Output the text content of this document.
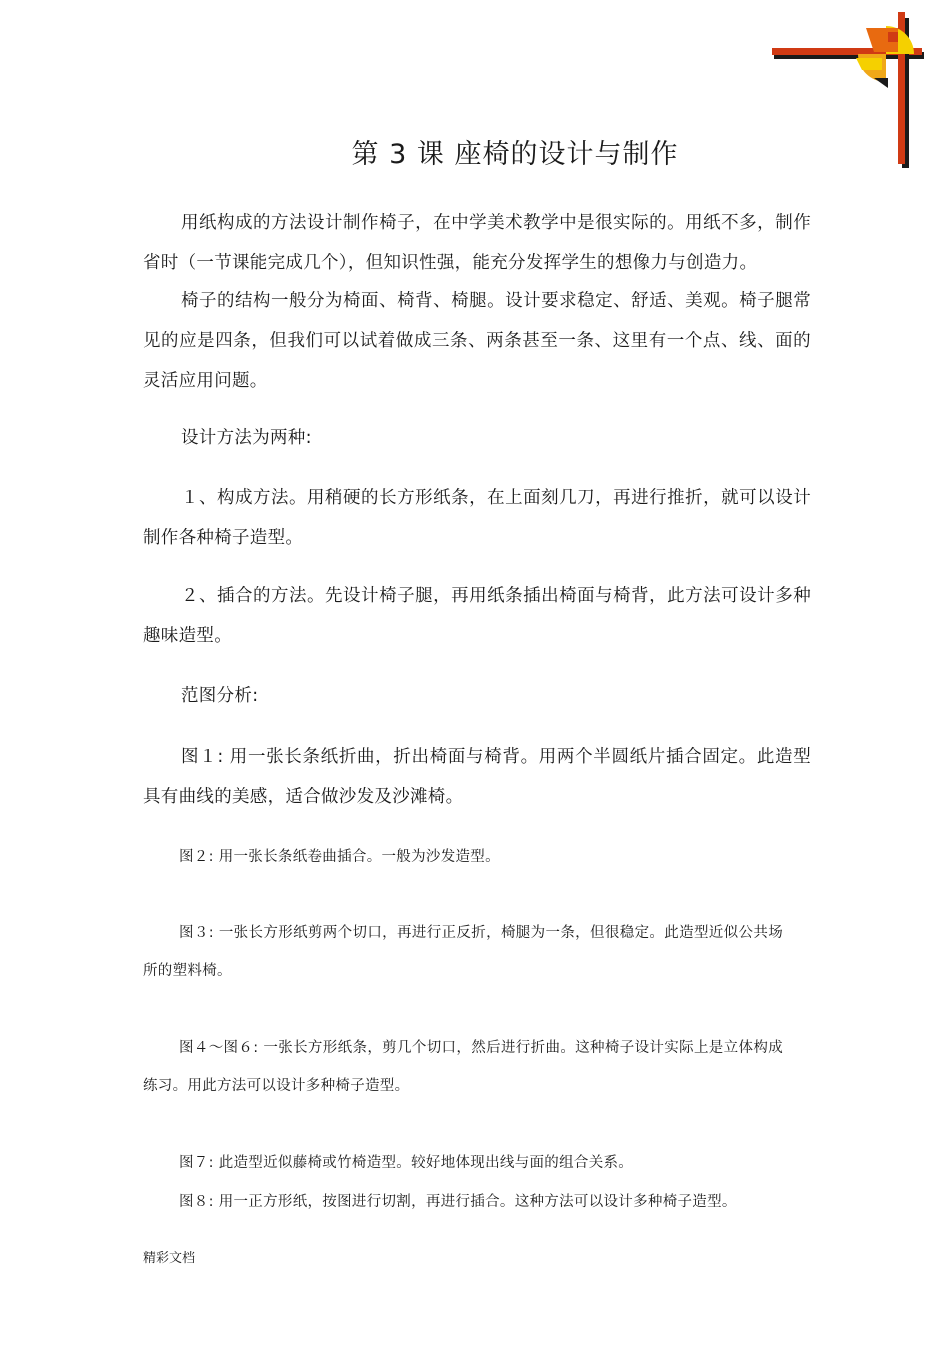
第 3 课 座椅的设计与制作

用纸构成的方法设计制作椅子，在中学美术教学中是很实际的。用纸不多，制作省时（一节课能完成几个），但知识性强，能充分发挥学生的想像力与创造力。

椅子的结构一般分为椅面、椅背、椅腿。设计要求稳定、舒适、美观。椅子腿常见的应是四条，但我们可以试着做成三条、两条甚至一条、这里有一个点、线、面的灵活应用问题。

设计方法为两种:

１、构成方法。用稍硬的长方形纸条，在上面刻几刀，再进行推折，就可以设计制作各种椅子造型。

２、插合的方法。先设计椅子腿，再用纸条插出椅面与椅背，此方法可设计多种趣味造型。

范图分析:

图１: 用一张长条纸折曲，折出椅面与椅背。用两个半圆纸片插合固定。此造型具有曲线的美感，适合做沙发及沙滩椅。

图２: 用一张长条纸卷曲插合。一般为沙发造型。

图３: 一张长方形纸剪两个切口，再进行正反折，椅腿为一条，但很稳定。此造型近似公共场所的塑料椅。

图４～图６: 一张长方形纸条，剪几个切口，然后进行折曲。这种椅子设计实际上是立体构成练习。用此方法可以设计多种椅子造型。

图７: 此造型近似藤椅或竹椅造型。较好地体现出线与面的组合关系。

图８: 用一正方形纸，按图进行切割，再进行插合。这种方法可以设计多种椅子造型。

精彩文档
